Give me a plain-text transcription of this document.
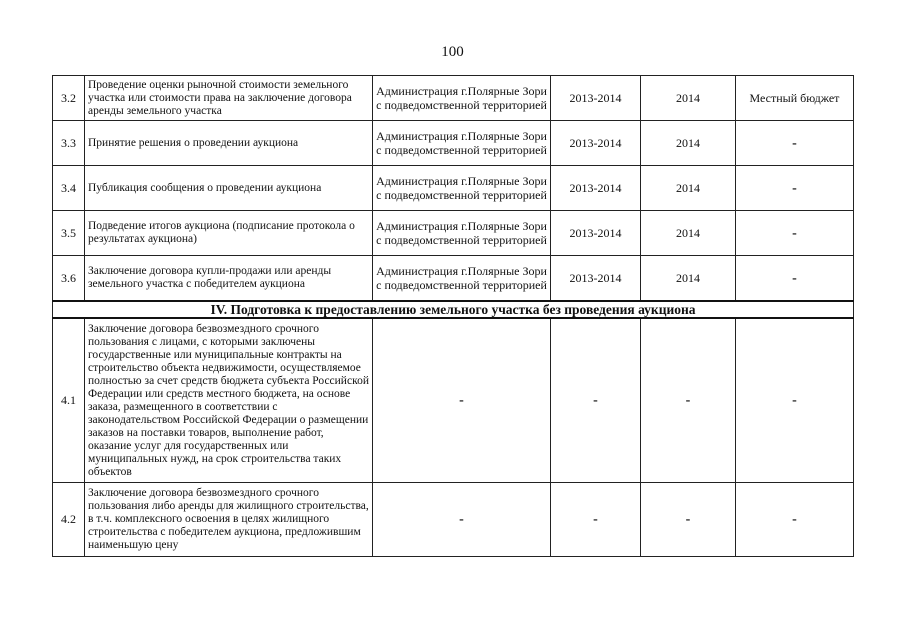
100
3.2	Проведение оценки рыночной стоимости земельного участка или стоимости права на заключение договора аренды земельного участка	Администрация г.Полярные Зори с подведомственной территорией	2013-2014	2014	Местный бюджет
3.3	Принятие решения о проведении аукциона	Администрация г.Полярные Зори с подведомственной территорией	2013-2014	2014	-
3.4	Публикация сообщения о проведении аукциона	Администрация г.Полярные Зори с подведомственной территорией	2013-2014	2014	-
3.5	Подведение итогов аукциона (подписание протокола о результатах аукциона)	Администрация г.Полярные Зори с подведомственной территорией	2013-2014	2014	-
3.6	Заключение договора купли-продажи или аренды земельного участка с победителем аукциона	Администрация г.Полярные Зори с подведомственной территорией	2013-2014	2014	-
IV. Подготовка к предоставлению земельного участка без проведения аукциона					
4.1	Заключение договора безвозмездного срочного пользования с лицами, с которыми заключены государственные или муниципальные контракты на строительство объекта недвижимости, осуществляемое полностью за счет средств бюджета субъекта Российской Федерации или средств местного бюджета, на основе заказа, размещенного в соответствии с законодательством Российской Федерации о размещении заказов на поставки товаров, выполнение работ, оказание услуг для государственных или муниципальных нужд, на срок строительства таких объектов	-	-	-	-
4.2	Заключение договора безвозмездного срочного пользования либо аренды для жилищного строительства, в т.ч. комплексного освоения в целях жилищного строительства с победителем аукциона, предложившим наименьшую цену	-	-	-	-
